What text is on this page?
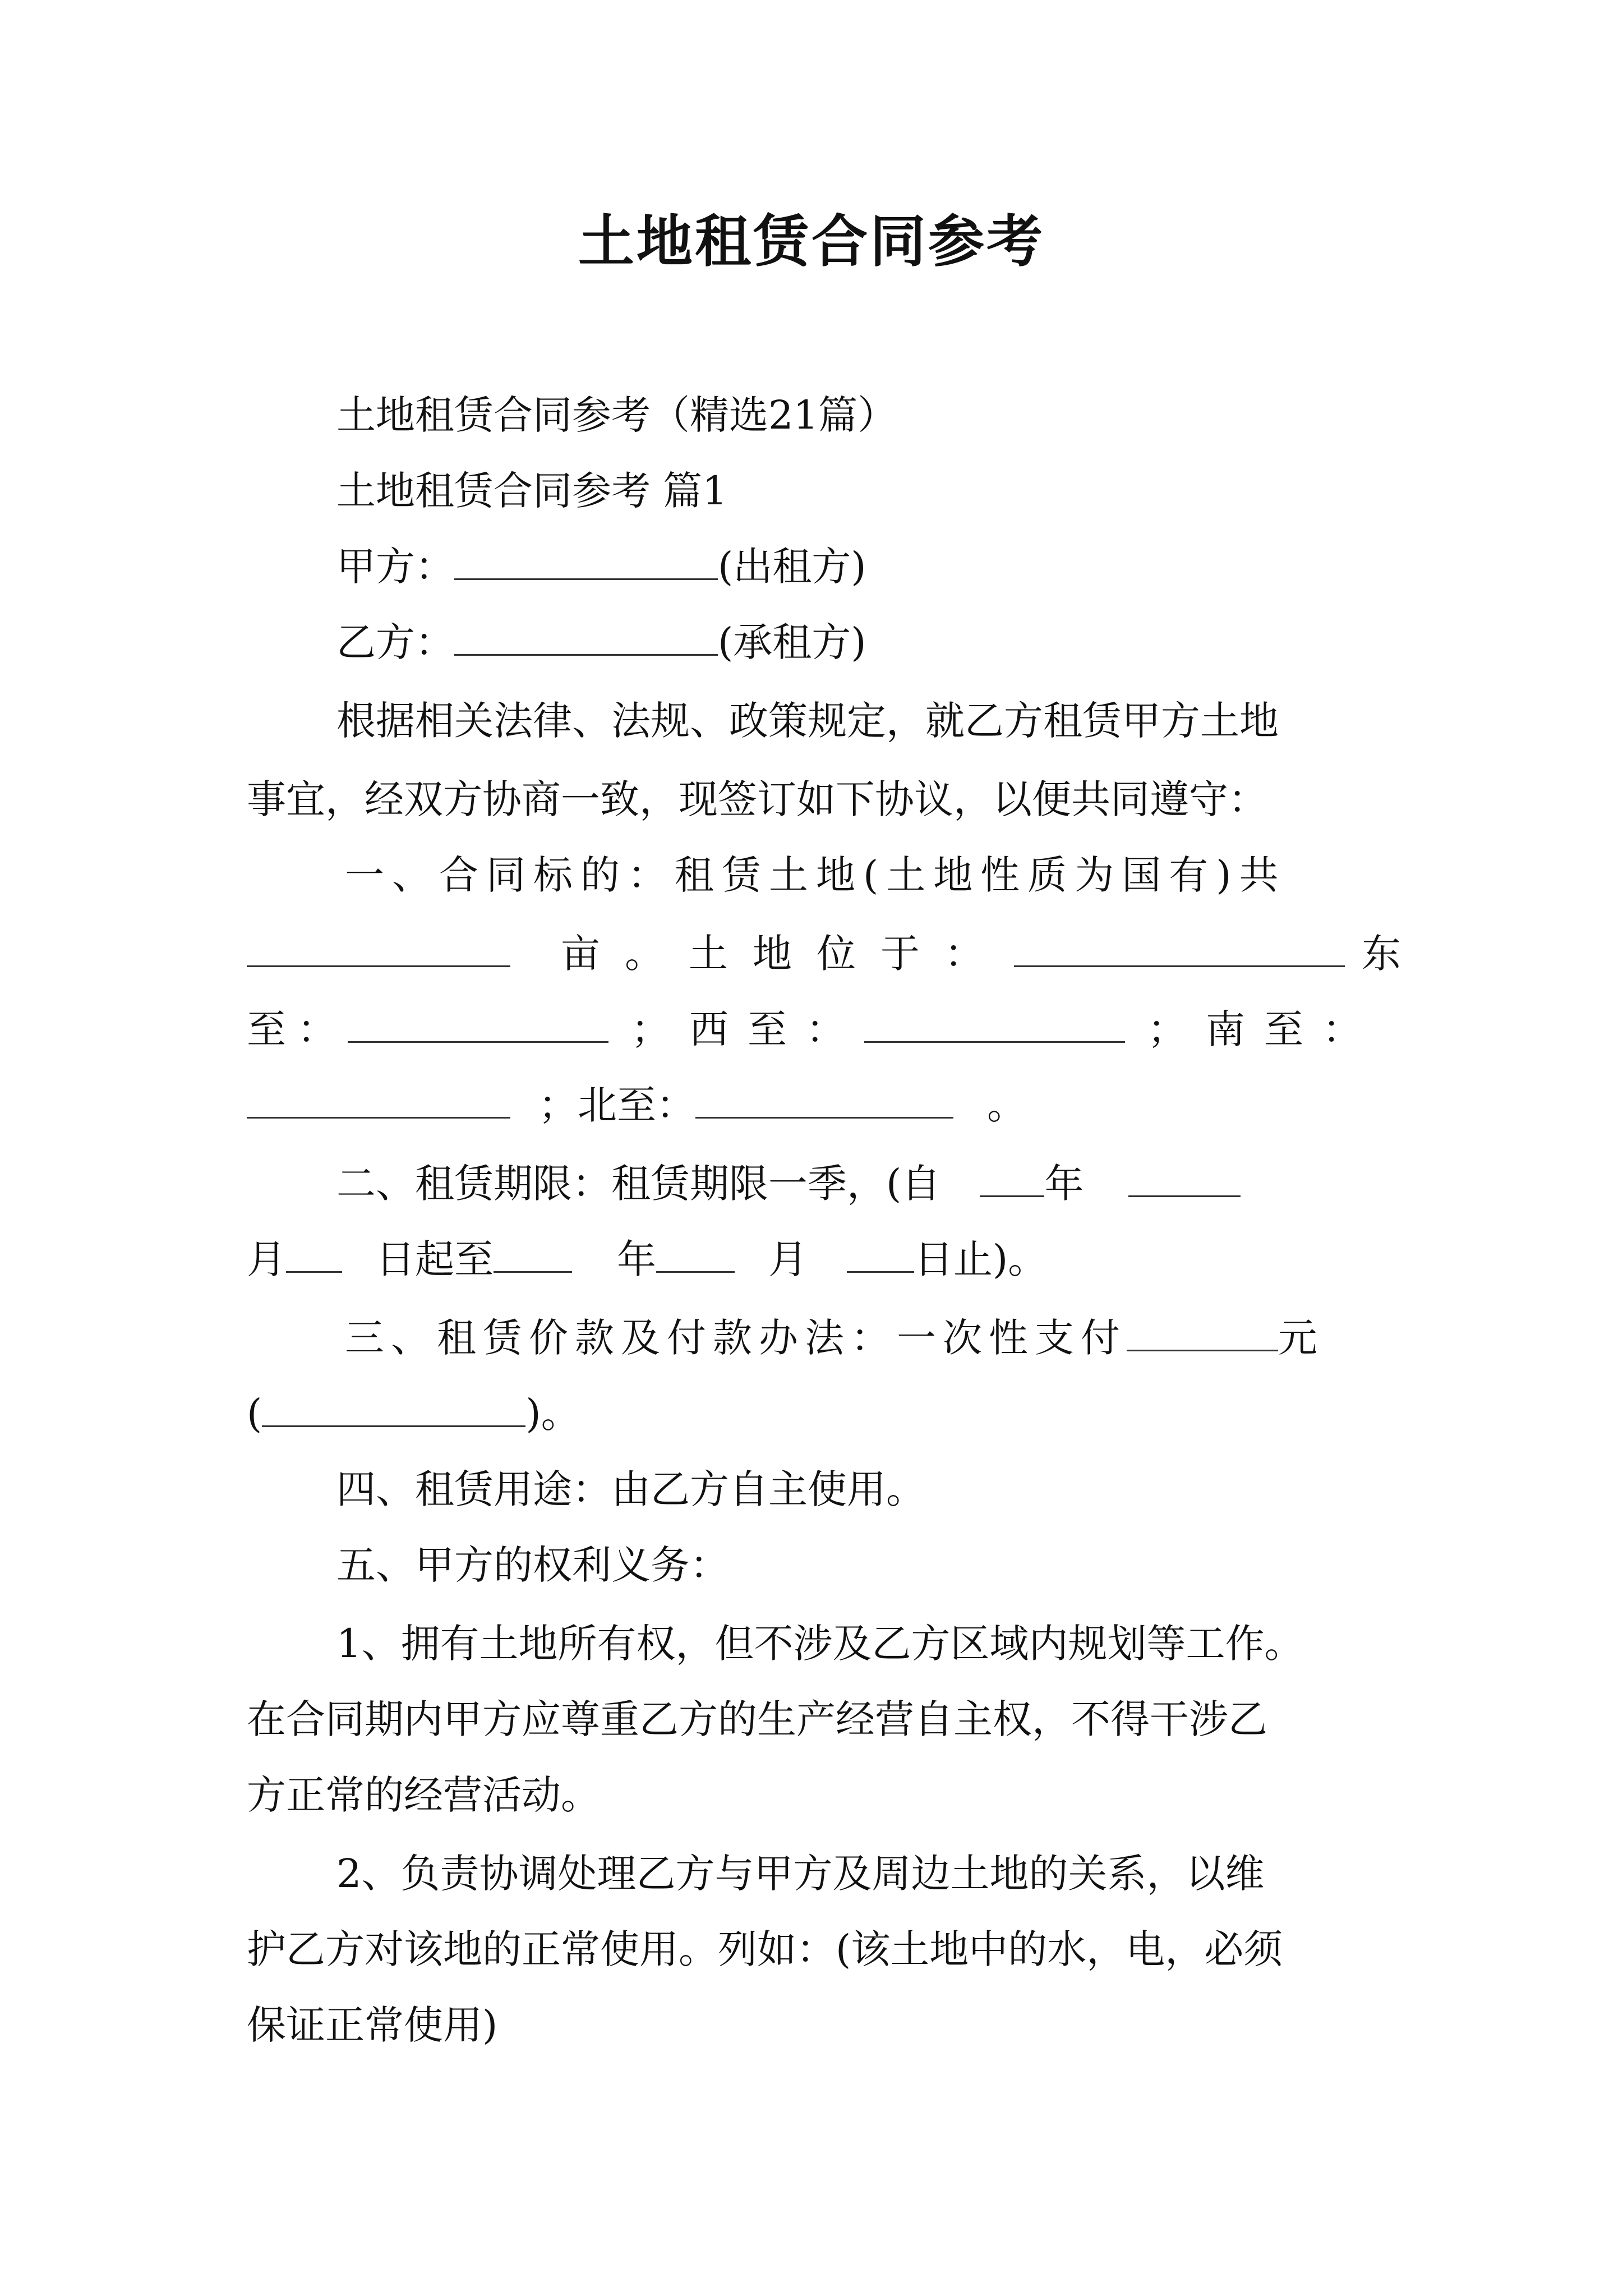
土地租赁合同参考
土地租赁合同参考（精选21篇）
土地租赁合同参考 篇1
甲方：	(出租方)
乙方：	(承租方)
根据相关法律、法规、政策规定，就乙方租赁甲方土地
事宜，经双方协商一致，现签订如下协议，以便共同遵守：
一、合同标的：租赁土地(土地性质为国有)共
亩。土地位于：	东
至：	；西至：	；南至：
；北至：	。
二、租赁期限：租赁期限一季，(自	年
月 日起至	年	月	日止)。
三、租赁价款及付款办法：一次性支付	元
(	)。
四、租赁用途：由乙方自主使用。
五、甲方的权利义务：
1、拥有土地所有权，但不涉及乙方区域内规划等工作。
在合同期内甲方应尊重乙方的生产经营自主权，不得干涉乙
方正常的经营活动。
2、负责协调处理乙方与甲方及周边土地的关系，以维
护乙方对该地的正常使用。列如：(该土地中的水，电，必须
保证正常使用)
